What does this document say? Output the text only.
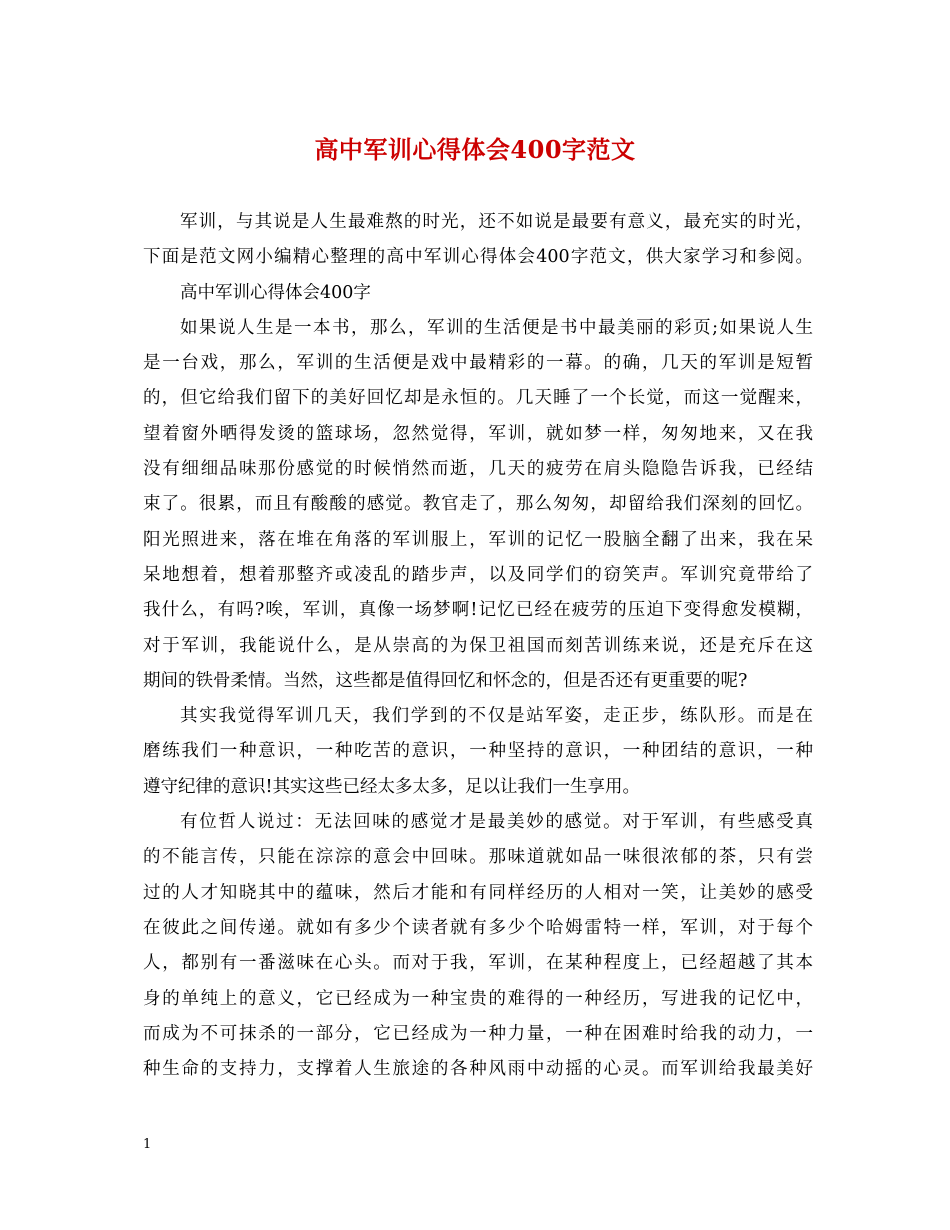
高中军训心得体会400字范文
军训，与其说是人生最难熬的时光，还不如说是最要有意义，最充实的时光，
下面是范文网小编精心整理的高中军训心得体会400字范文，供大家学习和参阅。
高中军训心得体会400字
如果说人生是一本书，那么，军训的生活便是书中最美丽的彩页;如果说人生
是一台戏，那么，军训的生活便是戏中最精彩的一幕。的确，几天的军训是短暂
的，但它给我们留下的美好回忆却是永恒的。几天睡了一个长觉，而这一觉醒来，
望着窗外晒得发烫的篮球场，忽然觉得，军训，就如梦一样，匆匆地来，又在我
没有细细品味那份感觉的时候悄然而逝，几天的疲劳在肩头隐隐告诉我，已经结
束了。很累，而且有酸酸的感觉。教官走了，那么匆匆，却留给我们深刻的回忆。
阳光照进来，落在堆在角落的军训服上，军训的记忆一股脑全翻了出来，我在呆
呆地想着，想着那整齐或凌乱的踏步声，以及同学们的窃笑声。军训究竟带给了
我什么，有吗?唉，军训，真像一场梦啊!记忆已经在疲劳的压迫下变得愈发模糊，
对于军训，我能说什么，是从崇高的为保卫祖国而刻苦训练来说，还是充斥在这
期间的铁骨柔情。当然，这些都是值得回忆和怀念的，但是否还有更重要的呢?
其实我觉得军训几天，我们学到的不仅是站军姿，走正步，练队形。而是在
磨练我们一种意识，一种吃苦的意识，一种坚持的意识，一种团结的意识，一种
遵守纪律的意识!其实这些已经太多太多，足以让我们一生享用。
有位哲人说过：无法回味的感觉才是最美妙的感觉。对于军训，有些感受真
的不能言传，只能在淙淙的意会中回味。那味道就如品一味很浓郁的茶，只有尝
过的人才知晓其中的蕴味，然后才能和有同样经历的人相对一笑，让美妙的感受
在彼此之间传递。就如有多少个读者就有多少个哈姆雷特一样，军训，对于每个
人，都别有一番滋味在心头。而对于我，军训，在某种程度上，已经超越了其本
身的单纯上的意义，它已经成为一种宝贵的难得的一种经历，写进我的记忆中，
而成为不可抹杀的一部分，它已经成为一种力量，一种在困难时给我的动力，一
种生命的支持力，支撑着人生旅途的各种风雨中动摇的心灵。而军训给我最美好
1
